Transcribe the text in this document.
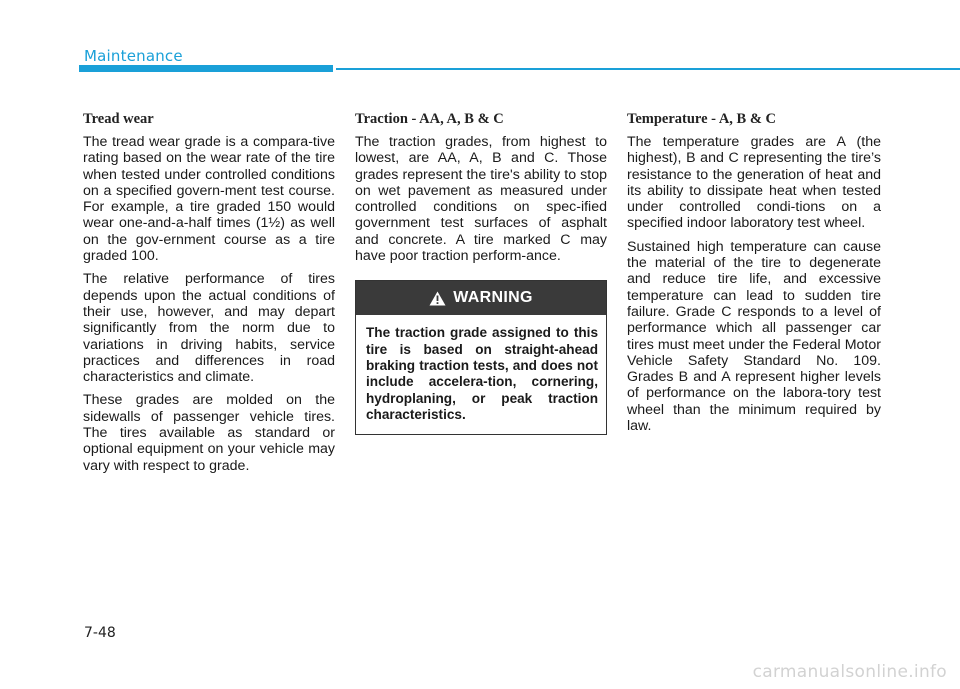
Maintenance
Tread wear

The tread wear grade is a compara-tive rating based on the wear rate of the tire when tested under controlled conditions on a specified govern-ment test course. For example, a tire graded 150 would wear one-and-a-half times (1½) as well on the gov-ernment course as a tire graded 100.

The relative performance of tires depends upon the actual conditions of their use, however, and may depart significantly from the norm due to variations in driving habits, service practices and differences in road characteristics and climate.

These grades are molded on the sidewalls of passenger vehicle tires. The tires available as standard or optional equipment on your vehicle may vary with respect to grade.

Traction - AA, A, B & C

The traction grades, from highest to lowest, are AA, A, B and C. Those grades represent the tire's ability to stop on wet pavement as measured under controlled conditions on spec-ified government test surfaces of asphalt and concrete. A tire marked C may have poor traction perform-ance.

WARNING
The traction grade assigned to this tire is based on straight-ahead braking traction tests, and does not include accelera-tion, cornering, hydroplaning, or peak traction characteristics.
Temperature - A, B & C

The temperature grades are A (the highest), B and C representing the tire’s resistance to the generation of heat and its ability to dissipate heat when tested under controlled condi-tions on a specified indoor laboratory test wheel.

Sustained high temperature can cause the material of the tire to degenerate and reduce tire life, and excessive temperature can lead to sudden tire failure. Grade C responds to a level of performance which all passenger car tires must meet under the Federal Motor Vehicle Safety Standard No. 109. Grades B and A represent higher levels of performance on the labora-tory test wheel than the minimum required by law.

7-48
carmanualsonline.info
